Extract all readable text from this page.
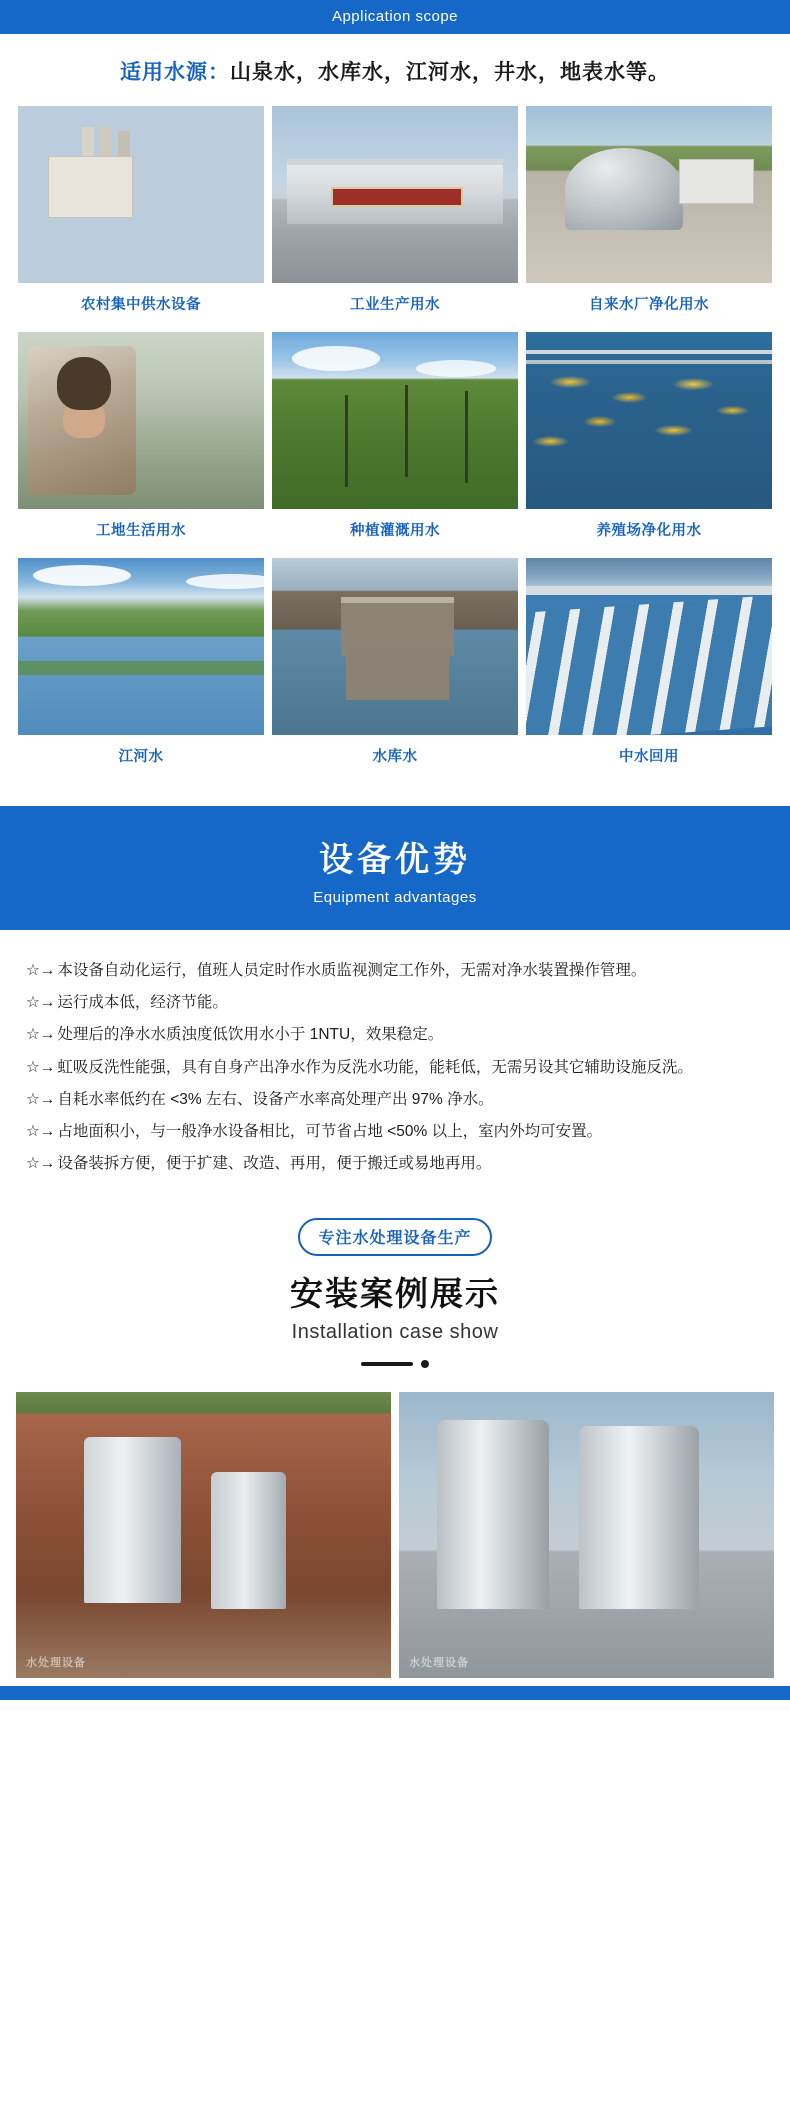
Application scope
适用水源：山泉水，水库水，江河水，井水，地表水等。
农村集中供水设备	工业生产用水	自来水厂净化用水
工地生活用水	种植灌溉用水	养殖场净化用水
江河水	水库水	中水回用
设备优势
Equipment advantages
☆→ 本设备自动化运行，值班人员定时作水质监视测定工作外，无需对净水装置操作管理。
☆→ 运行成本低，经济节能。
☆→ 处理后的净水水质浊度低饮用水小于 1NTU，效果稳定。
☆→ 虹吸反洗性能强，具有自身产出净水作为反洗水功能，能耗低，无需另设其它辅助设施反洗。
☆→ 自耗水率低约在 <3% 左右、设备产水率高处理产出 97% 净水。
☆→ 占地面积小，与一般净水设备相比，可节省占地 <50% 以上，室内外均可安置。
☆→ 设备装拆方便，便于扩建、改造、再用，便于搬迁或易地再用。
专注水处理设备生产
安装案例展示
Installation case show
水处理设备	水处理设备
